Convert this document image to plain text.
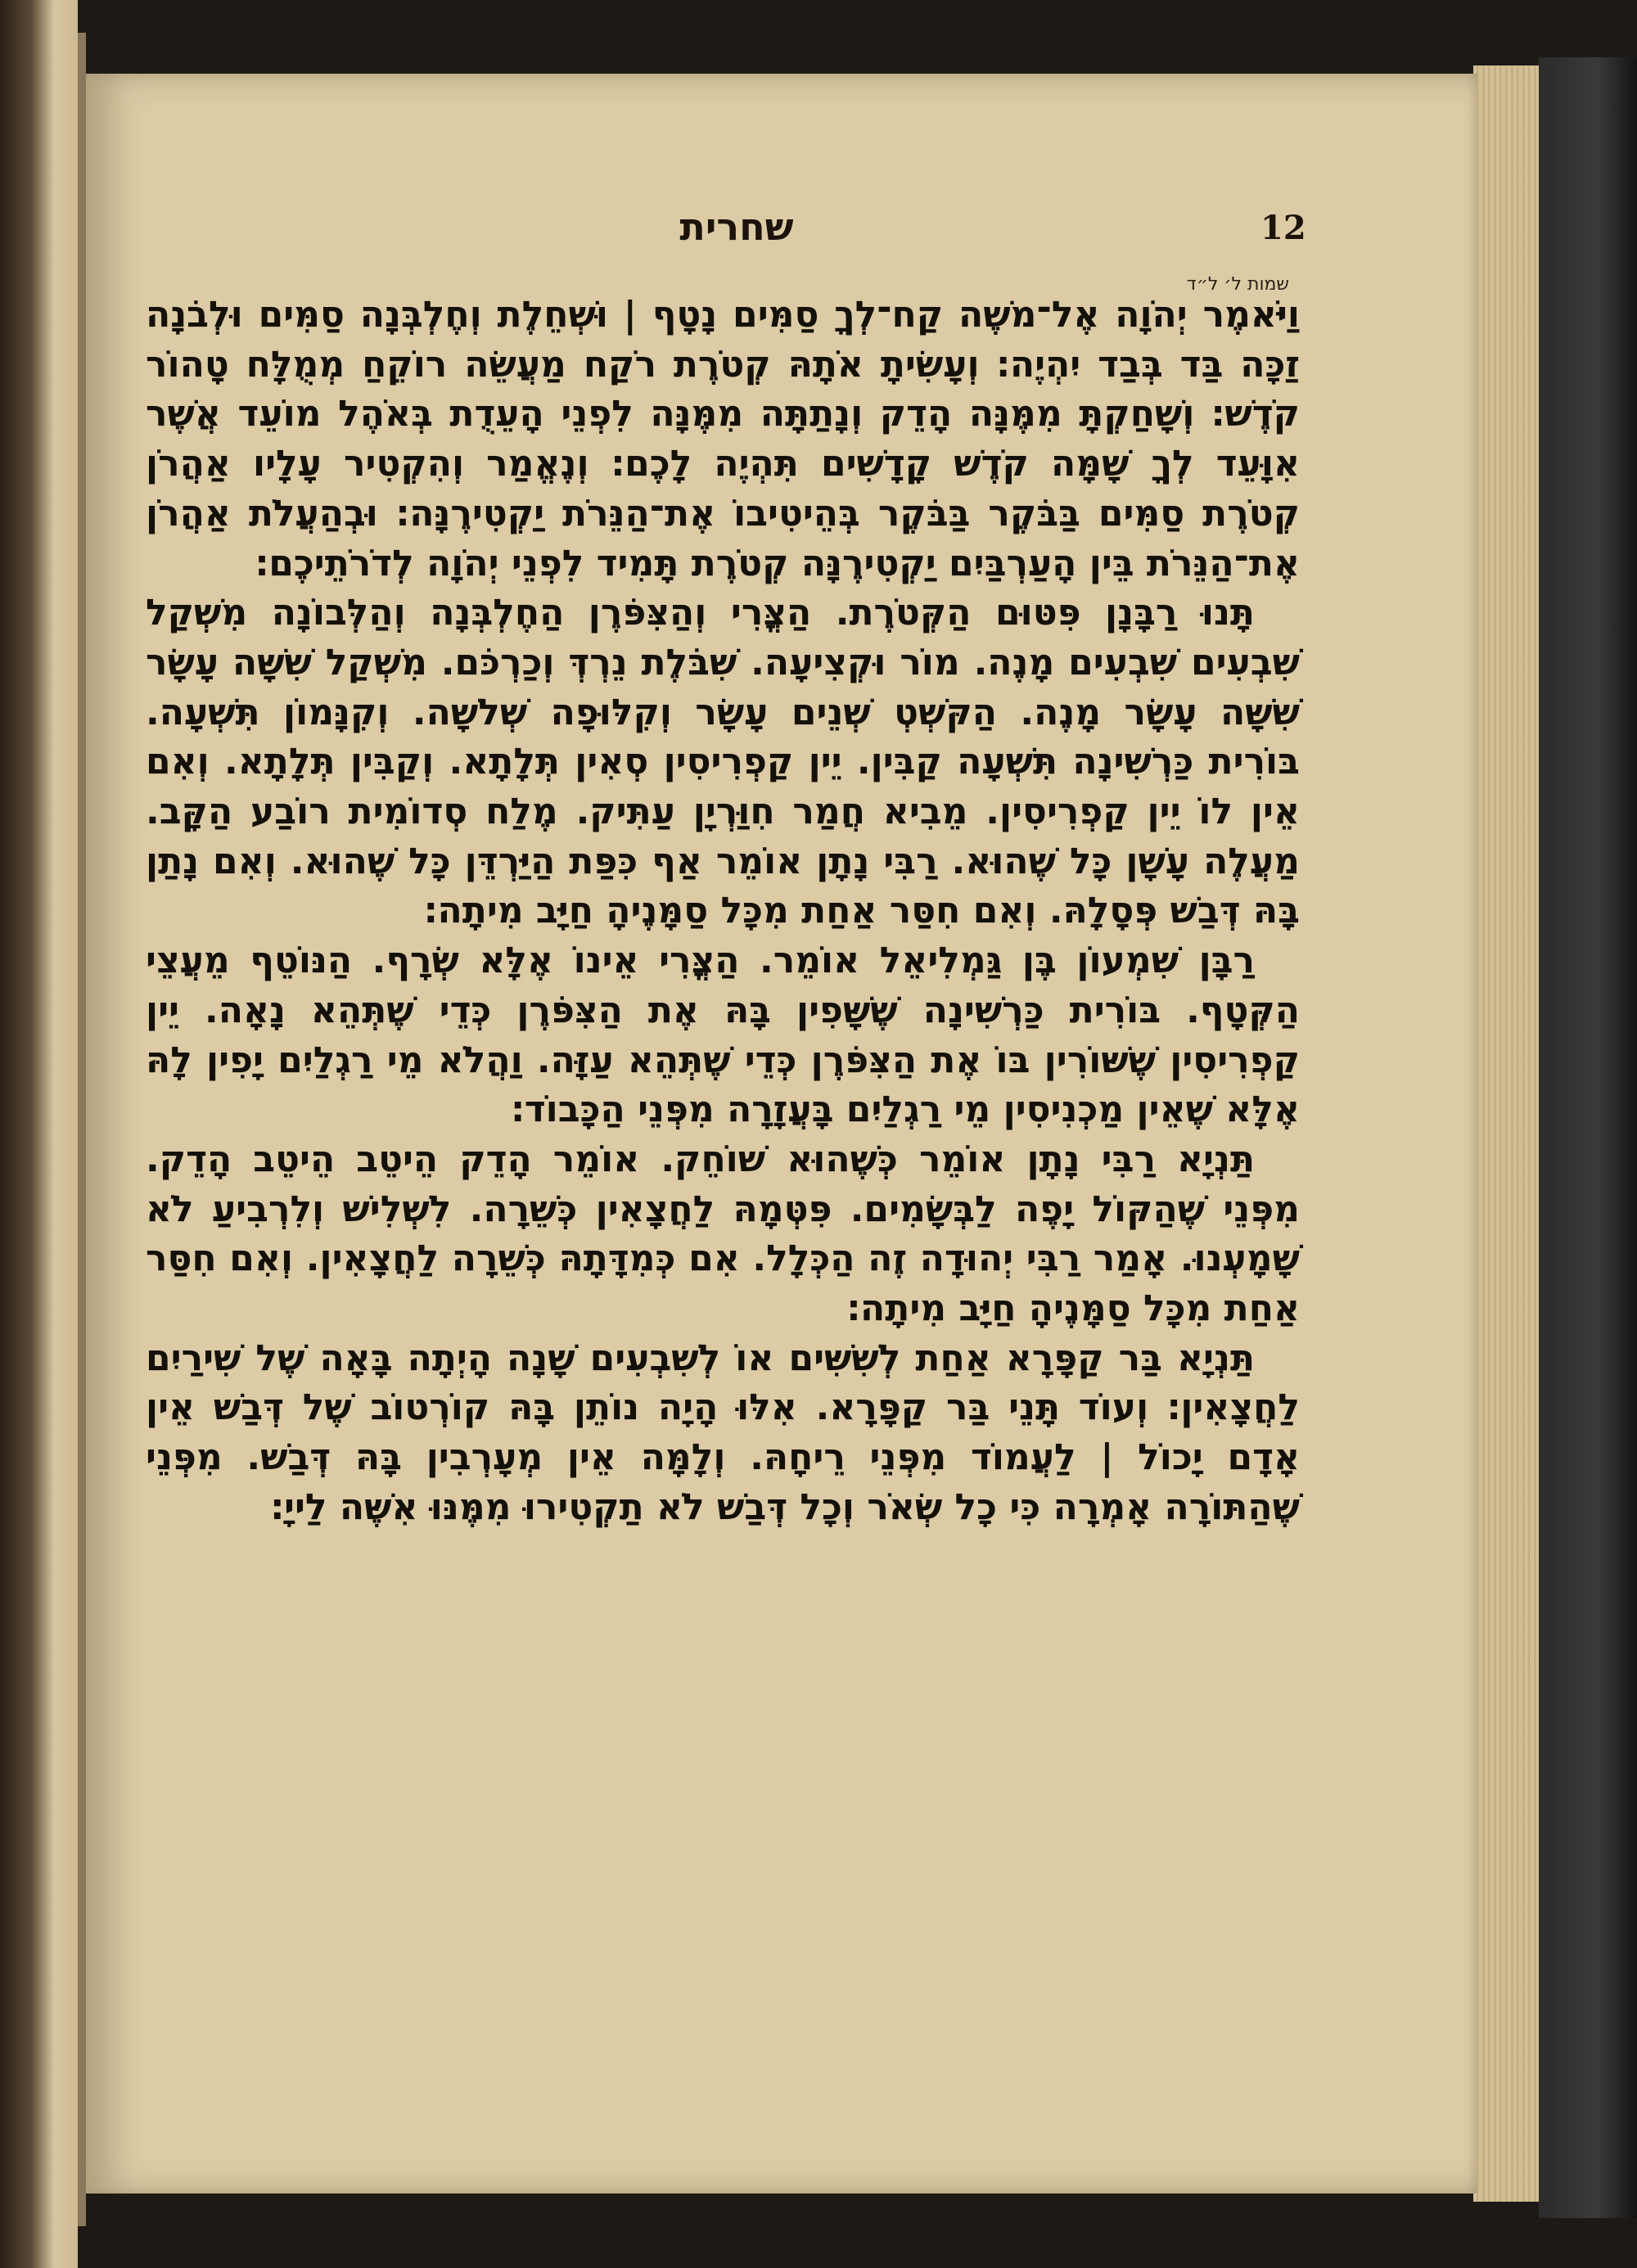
12
שחרית
שמות ל׳ ל״ד

וַיֹּאמֶר יְהֹוָה אֶל־משֶׁה קַח־לְךָ סַמִּים נָטָף | וּשְׁחֵלֶת וְחֶלְבְּנָה סַמִּים וּלְבֹנָה זַכָּה בַּד בְּבַד יִהְיֶה׃ וְעָשִׂיתָ אֹתָהּ קְטֹרֶת רֹקַח מַעֲשֵׂה רוֹקֵחַ מְמֻלָּח טָהוֹר קֹדֶשׁ׃ וְשָׁחַקְתָּ מִמֶּנָּה הָדֵק וְנָתַתָּה מִמֶּנָּה לִפְנֵי הָעֵדֻת בְּאֹהֶל מוֹעֵד אֲשֶׁר אִוָּעֵד לְךָ שָׁמָּה קֹדֶשׁ קָדָשִׁים תִּהְיֶה לָכֶם׃ וְנֶאֱמַר וְהִקְטִיר עָלָיו אַהֲרֹן קְטֹרֶת סַמִּים בַּבֹּקֶר בַּבֹּקֶר בְּהֵיטִיבוֹ אֶת־הַנֵּרֹת יַקְטִירֶנָּה׃ וּבְהַעֲלֹת אַהֲרֹן אֶת־הַנֵּרֹת בֵּין הָעַרְבַּיִם יַקְטִירֶנָּה קְטֹרֶת תָּמִיד לִפְנֵי יְהֹוָה לְדֹרֹתֵיכֶם׃

תָּנוּ רַבָּנָן פִּטּוּם הַקְּטֹרֶת. הַצֳּרִי וְהַצִּפֹּרֶן הַחֶלְבְּנָה וְהַלְּבוֹנָה מִשְׁקַל שִׁבְעִים שִׁבְעִים מָנֶה. מוֹר וּקְצִיעָה. שִׁבֹּלֶת נֵרְדְּ וְכַרְכֹּם. מִשְׁקַל שִׁשָּׁה עָשָׂר שִׁשָּׁה עָשָׂר מָנֶה. הַקּשְׁטְ שְׁנֵים עָשָׂר וְקִלּוּפָה שְׁלשָׁה. וְקִנָּמוֹן תִּשְׁעָה. בּוֹרִית כַּרְשִׁינָה תִּשְׁעָה קַבִּין. יֵין קַפְרִיסִין סְאִין תְּלָתָא. וְקַבִּין תְּלָתָא. וְאִם אֵין לוֹ יֵין קַפְרִיסִין. מֵבִיא חֲמַר חִוַּרְיָן עַתִּיק. מֶלַח סְדוֹמִית רוֹבַע הַקָּב. מַעֲלֶה עָשָׁן כָּל שֶׁהוּא. רַבִּי נָתָן אוֹמֵר אַף כִּפַּת הַיַּרְדֵּן כָּל שֶׁהוּא. וְאִם נָתַן בָּהּ דְּבַשׁ פְּסָלָהּ. וְאִם חִסַּר אַחַת מִכָּל סַמָּנֶיהָ חַיָּב מִיתָה׃

רַבָּן שִׁמְעוֹן בֶּן גַּמְלִיאֵל אוֹמֵר. הַצֳּרִי אֵינוֹ אֶלָּא שְׂרָף. הַנּוֹטֵף מֵעֲצֵי הַקְּטָף. בּוֹרִית כַּרְשִׁינָה שֶׁשָּׁפִין בָּהּ אֶת הַצִּפֹּרֶן כְּדֵי שֶׁתְּהֵא נָאָה. יֵין קַפְרִיסִין שֶׁשּׁוֹרִין בּוֹ אֶת הַצִּפֹּרֶן כְּדֵי שֶׁתְּהֵא עַזָּה. וַהֲלֹא מֵי רַגְלַיִם יָפִין לָהּ אֶלָּא שֶׁאֵין מַכְנִיסִין מֵי רַגְלַיִם בָּעֲזָרָה מִפְּנֵי הַכָּבוֹד׃

תַּנְיָא רַבִּי נָתָן אוֹמֵר כְּשֶׁהוּא שׁוֹחֵק. אוֹמֵר הָדֵק הֵיטֵב הֵיטֵב הָדֵק. מִפְּנֵי שֶׁהַקּוֹל יָפֶה לַבְּשָׂמִים. פִּטְּמָהּ לַחֲצָאִין כְּשֵׁרָה. לִשְׁלִישׁ וְלִרְבִיעַ לֹא שָׁמָעְנוּ. אָמַר רַבִּי יְהוּדָה זֶה הַכְּלָל. אִם כְּמִדָּתָהּ כְּשֵׁרָה לַחֲצָאִין. וְאִם חִסַּר אַחַת מִכָּל סַמָּנֶיהָ חַיָּב מִיתָה׃

תַּנְיָא בַּר קַפָּרָא אַחַת לְשִׁשִּׁים אוֹ לְשִׁבְעִים שָׁנָה הָיְתָה בָּאָה שֶׁל שִׁירַיִם לַחֲצָאִין׃ וְעוֹד תָּנֵי בַּר קַפָּרָא. אִלּוּ הָיָה נוֹתֵן בָּהּ קוֹרְטוֹב שֶׁל דְּבַשׁ אֵין אָדָם יָכוֹל | לַעֲמוֹד מִפְּנֵי רֵיחָהּ. וְלָמָּה אֵין מְעָרְבִין בָּהּ דְּבַשׁ. מִפְּנֵי שֶׁהַתּוֹרָה אָמְרָה כִּי כָל שְׂאֹר וְכָל דְּבַשׁ לֹא תַקְטִירוּ מִמֶּנּוּ אִשֶּׁה לַייָ׃
